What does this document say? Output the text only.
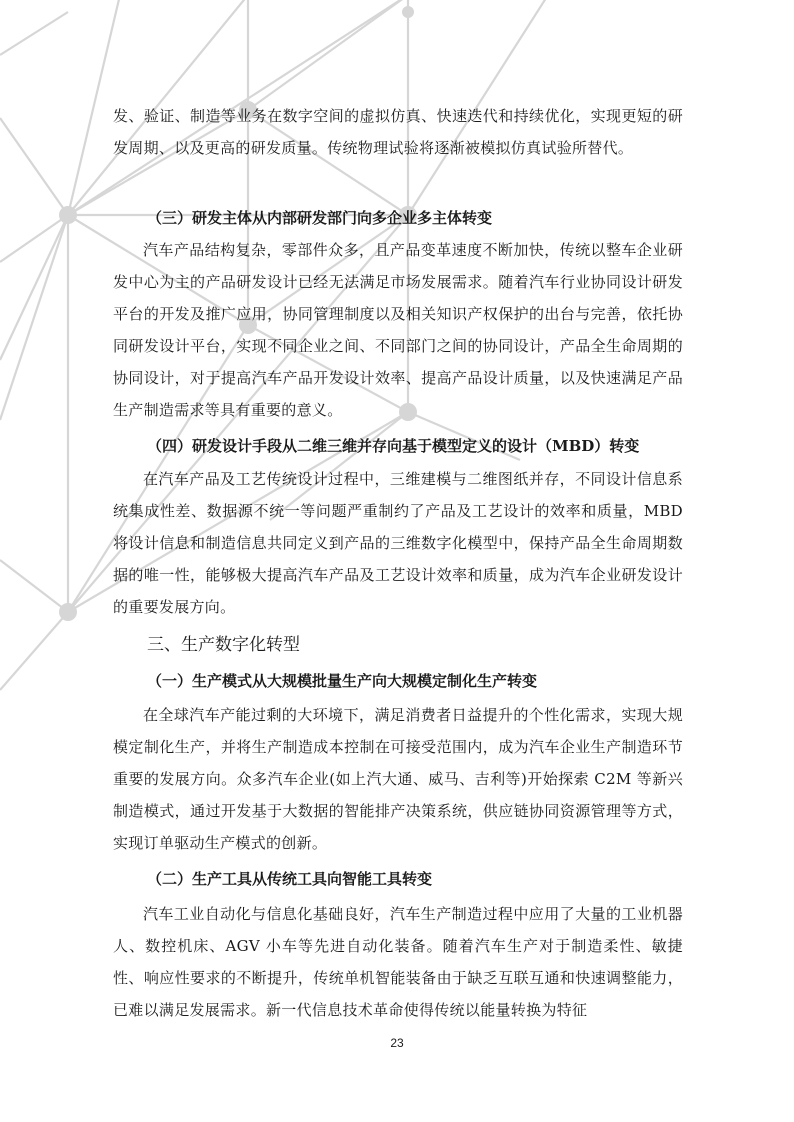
发、验证、制造等业务在数字空间的虚拟仿真、快速迭代和持续优化，实现更短的研发周期、以及更高的研发质量。传统物理试验将逐渐被模拟仿真试验所替代。
（三）研发主体从内部研发部门向多企业多主体转变
汽车产品结构复杂，零部件众多，且产品变革速度不断加快，传统以整车企业研发中心为主的产品研发设计已经无法满足市场发展需求。随着汽车行业协同设计研发平台的开发及推广应用，协同管理制度以及相关知识产权保护的出台与完善，依托协同研发设计平台，实现不同企业之间、不同部门之间的协同设计，产品全生命周期的协同设计，对于提高汽车产品开发设计效率、提高产品设计质量，以及快速满足产品生产制造需求等具有重要的意义。
（四）研发设计手段从二维三维并存向基于模型定义的设计（MBD）转变
在汽车产品及工艺传统设计过程中，三维建模与二维图纸并存，不同设计信息系统集成性差、数据源不统一等问题严重制约了产品及工艺设计的效率和质量，MBD 将设计信息和制造信息共同定义到产品的三维数字化模型中，保持产品全生命周期数据的唯一性，能够极大提高汽车产品及工艺设计效率和质量，成为汽车企业研发设计的重要发展方向。
三、生产数字化转型
（一）生产模式从大规模批量生产向大规模定制化生产转变
在全球汽车产能过剩的大环境下，满足消费者日益提升的个性化需求，实现大规模定制化生产，并将生产制造成本控制在可接受范围内，成为汽车企业生产制造环节重要的发展方向。众多汽车企业(如上汽大通、威马、吉利等)开始探索 C2M 等新兴制造模式，通过开发基于大数据的智能排产决策系统，供应链协同资源管理等方式，实现订单驱动生产模式的创新。
（二）生产工具从传统工具向智能工具转变
汽车工业自动化与信息化基础良好，汽车生产制造过程中应用了大量的工业机器人、数控机床、AGV 小车等先进自动化装备。随着汽车生产对于制造柔性、敏捷性、响应性要求的不断提升，传统单机智能装备由于缺乏互联互通和快速调整能力，已难以满足发展需求。新一代信息技术革命使得传统以能量转换为特征
23
